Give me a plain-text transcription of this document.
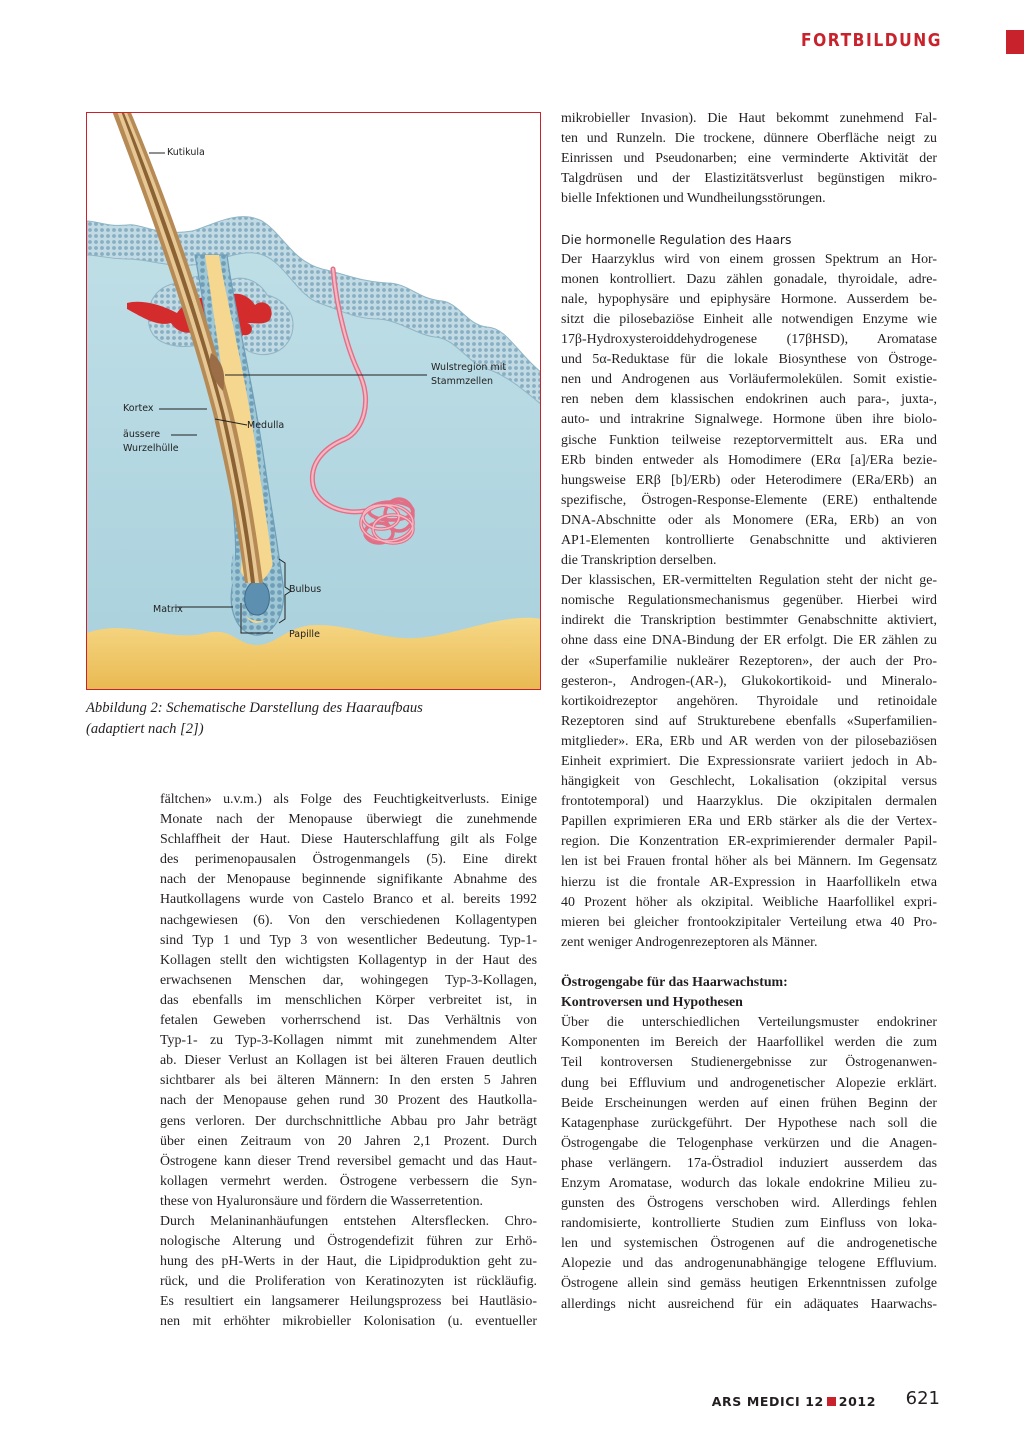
FORTBILDUNG
Kutikula
Wulstregion mit
Stammzellen
Kortex
Medulla
äussere
Wurzelhülle
Bulbus
Matrix
Papille
Abbildung 2: Schematische Darstellung des Haaraufbaus
(adaptiert nach [2])
fältchen» u.v.m.) als Folge des Feuchtigkeitverlusts. Einige
Monate nach der Menopause überwiegt die zunehmende
Schlaffheit der Haut. Diese Hauterschlaffung gilt als Folge
des perimenopausalen Östrogenmangels (5). Eine direkt
nach der Menopause beginnende signifikante Abnahme des
Hautkollagens wurde von Castelo Branco et al. bereits 1992
nachgewiesen (6). Von den verschiedenen Kollagentypen
sind Typ 1 und Typ 3 von wesentlicher Bedeutung. Typ-1-
Kollagen stellt den wichtigsten Kollagentyp in der Haut des
erwachsenen Menschen dar, wohingegen Typ-3-Kollagen,
das ebenfalls im menschlichen Körper verbreitet ist, in
fetalen Geweben vorherrschend ist. Das Verhältnis von
Typ-1- zu Typ-3-Kollagen nimmt mit zunehmendem Alter
ab. Dieser Verlust an Kollagen ist bei älteren Frauen deutlich
sichtbarer als bei älteren Männern: In den ersten 5 Jahren
nach der Menopause gehen rund 30 Prozent des Hautkolla-
gens verloren. Der durchschnittliche Abbau pro Jahr beträgt
über einen Zeitraum von 20 Jahren 2,1 Prozent. Durch
Östrogene kann dieser Trend reversibel gemacht und das Haut-
kollagen vermehrt werden. Östrogene verbessern die Syn-
these von Hyaluronsäure und fördern die Wasserretention.
Durch Melaninanhäufungen entstehen Altersflecken. Chro-
nologische Alterung und Östrogendefizit führen zur Erhö-
hung des pH-Werts in der Haut, die Lipidproduktion geht zu-
rück, und die Proliferation von Keratinozyten ist rückläufig.
Es resultiert ein langsamerer Heilungsprozess bei Hautläsio-
nen mit erhöhter mikrobieller Kolonisation (u. eventueller
mikrobieller Invasion). Die Haut bekommt zunehmend Fal-
ten und Runzeln. Die trockene, dünnere Oberfläche neigt zu
Einrissen und Pseudonarben; eine verminderte Aktivität der
Talgdrüsen und der Elastizitätsverlust begünstigen mikro-
bielle Infektionen und Wundheilungsstörungen.
Die hormonelle Regulation des Haars
Der Haarzyklus wird von einem grossen Spektrum an Hor-
monen kontrolliert. Dazu zählen gonadale, thyroidale, adre-
nale, hypophysäre und epiphysäre Hormone. Ausserdem be-
sitzt die pilosebaziöse Einheit alle notwendigen Enzyme wie
17β-Hydroxysteroiddehydrogenese (17βHSD), Aromatase
und 5α-Reduktase für die lokale Biosynthese von Östroge-
nen und Androgenen aus Vorläufermolekülen. Somit existie-
ren neben dem klassischen endokrinen auch para-, juxta-,
auto- und intrakrine Signalwege. Hormone üben ihre biolo-
gische Funktion teilweise rezeptorvermittelt aus. ERa und
ERb binden entweder als Homodimere (ERα [a]/ERa bezie-
hungsweise ERβ [b]/ERb) oder Heterodimere (ERa/ERb) an
spezifische, Östrogen-Response-Elemente (ERE) enthaltende
DNA-Abschnitte oder als Monomere (ERa, ERb) an von
AP1-Elementen kontrollierte Genabschnitte und aktivieren
die Transkription derselben.
Der klassischen, ER-vermittelten Regulation steht der nicht ge-
nomische Regulationsmechanismus gegenüber. Hierbei wird
indirekt die Transkription bestimmter Genabschnitte aktiviert,
ohne dass eine DNA-Bindung der ER erfolgt. Die ER zählen zu
der «Superfamilie nukleärer Rezeptoren», der auch der Pro-
gesteron-, Androgen-(AR-), Glukokortikoid- und Mineralo-
kortikoidrezeptor angehören. Thyroidale und retinoidale
Rezeptoren sind auf Strukturebene ebenfalls «Superfamilien-
mitglieder». ERa, ERb und AR werden von der pilosebaziösen
Einheit exprimiert. Die Expressionsrate variiert jedoch in Ab-
hängigkeit von Geschlecht, Lokalisation (okzipital versus
frontotemporal) und Haarzyklus. Die okzipitalen dermalen
Papillen exprimieren ERa und ERb stärker als die der Vertex-
region. Die Konzentration ER-exprimierender dermaler Papil-
len ist bei Frauen frontal höher als bei Männern. Im Gegensatz
hierzu ist die frontale AR-Expression in Haarfollikeln etwa
40 Prozent höher als okzipital. Weibliche Haarfollikel expri-
mieren bei gleicher frontookzipitaler Verteilung etwa 40 Pro-
zent weniger Androgenrezeptoren als Männer.
Östrogengabe für das Haarwachstum:
Kontroversen und Hypothesen
Über die unterschiedlichen Verteilungsmuster endokriner
Komponenten im Bereich der Haarfollikel werden die zum
Teil kontroversen Studienergebnisse zur Östrogenanwen-
dung bei Effluvium und androgenetischer Alopezie erklärt.
Beide Erscheinungen werden auf einen frühen Beginn der
Katagenphase zurückgeführt. Der Hypothese nach soll die
Östrogengabe die Telogenphase verkürzen und die Anagen-
phase verlängern. 17a-Östradiol induziert ausserdem das
Enzym Aromatase, wodurch das lokale endokrine Milieu zu-
gunsten des Östrogens verschoben wird. Allerdings fehlen
randomisierte, kontrollierte Studien zum Einfluss von loka-
len und systemischen Östrogenen auf die androgenetische
Alopezie und das androgenunabhängige telogene Effluvium.
Östrogene allein sind gemäss heutigen Erkenntnissen zufolge
allerdings nicht ausreichend für ein adäquates Haarwachs-
ARS MEDICI 12 2012 621
